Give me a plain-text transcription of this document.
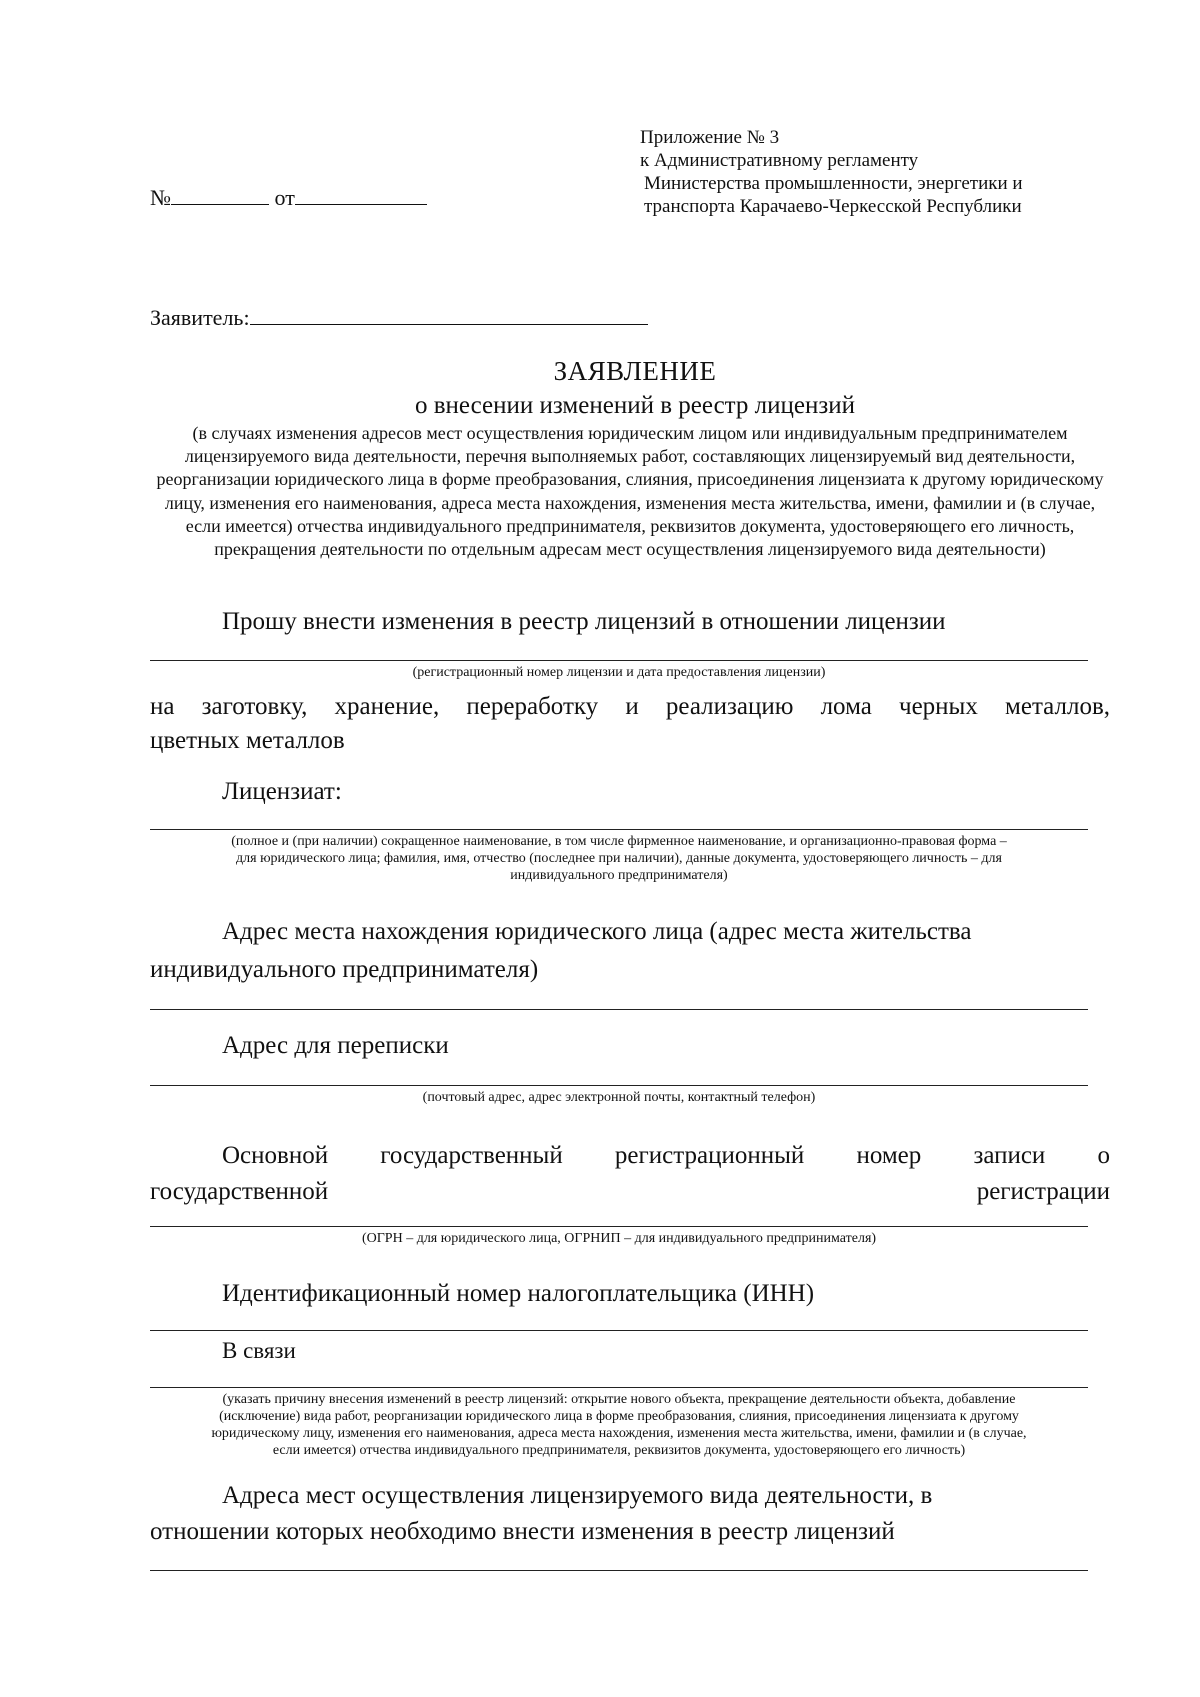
Приложение № 3
к Административному регламенту
Министерства промышленности, энергетики и
транспорта Карачаево-Черкесской Республики
№	от
Заявитель:
ЗАЯВЛЕНИЕ
о внесении изменений в реестр лицензий
(в случаях изменения адресов мест осуществления юридическим лицом или индивидуальным предпринимателем лицензируемого вида деятельности, перечня выполняемых работ, составляющих лицензируемый вид деятельности, реорганизации юридического лица в форме преобразования, слияния, присоединения лицензиата к другому юридическому лицу, изменения его наименования, адреса места нахождения, изменения места жительства, имени, фамилии и (в случае, если имеется) отчества индивидуального предпринимателя, реквизитов документа, удостоверяющего его личность, прекращения деятельности по отдельным адресам мест осуществления лицензируемого вида деятельности)
Прошу внести изменения в реестр лицензий в отношении лицензии
(регистрационный номер лицензии и дата предоставления лицензии)
на заготовку, хранение, переработку и реализацию лома черных металлов,
цветных металлов
Лицензиат:
(полное и (при наличии) сокращенное наименование, в том числе фирменное наименование, и организационно-правовая форма –
для юридического лица; фамилия, имя, отчество (последнее при наличии), данные документа, удостоверяющего личность – для
индивидуального предпринимателя)
Адрес места нахождения юридического лица (адрес места жительства
индивидуального предпринимателя)
Адрес для переписки
(почтовый адрес, адрес электронной почты, контактный телефон)
Основной государственный регистрационный номер записи о
государственной	регистрации
(ОГРН – для юридического лица, ОГРНИП – для индивидуального предпринимателя)
Идентификационный номер налогоплательщика (ИНН)
В связи
(указать причину внесения изменений в реестр лицензий: открытие нового объекта, прекращение деятельности объекта, добавление
(исключение) вида работ, реорганизации юридического лица в форме преобразования, слияния, присоединения лицензиата к другому
юридическому лицу, изменения его наименования, адреса места нахождения, изменения места жительства, имени, фамилии и (в случае,
если имеется) отчества индивидуального предпринимателя, реквизитов документа, удостоверяющего его личность)
Адреса мест осуществления лицензируемого вида деятельности, в
отношении которых необходимо внести изменения в реестр лицензий
